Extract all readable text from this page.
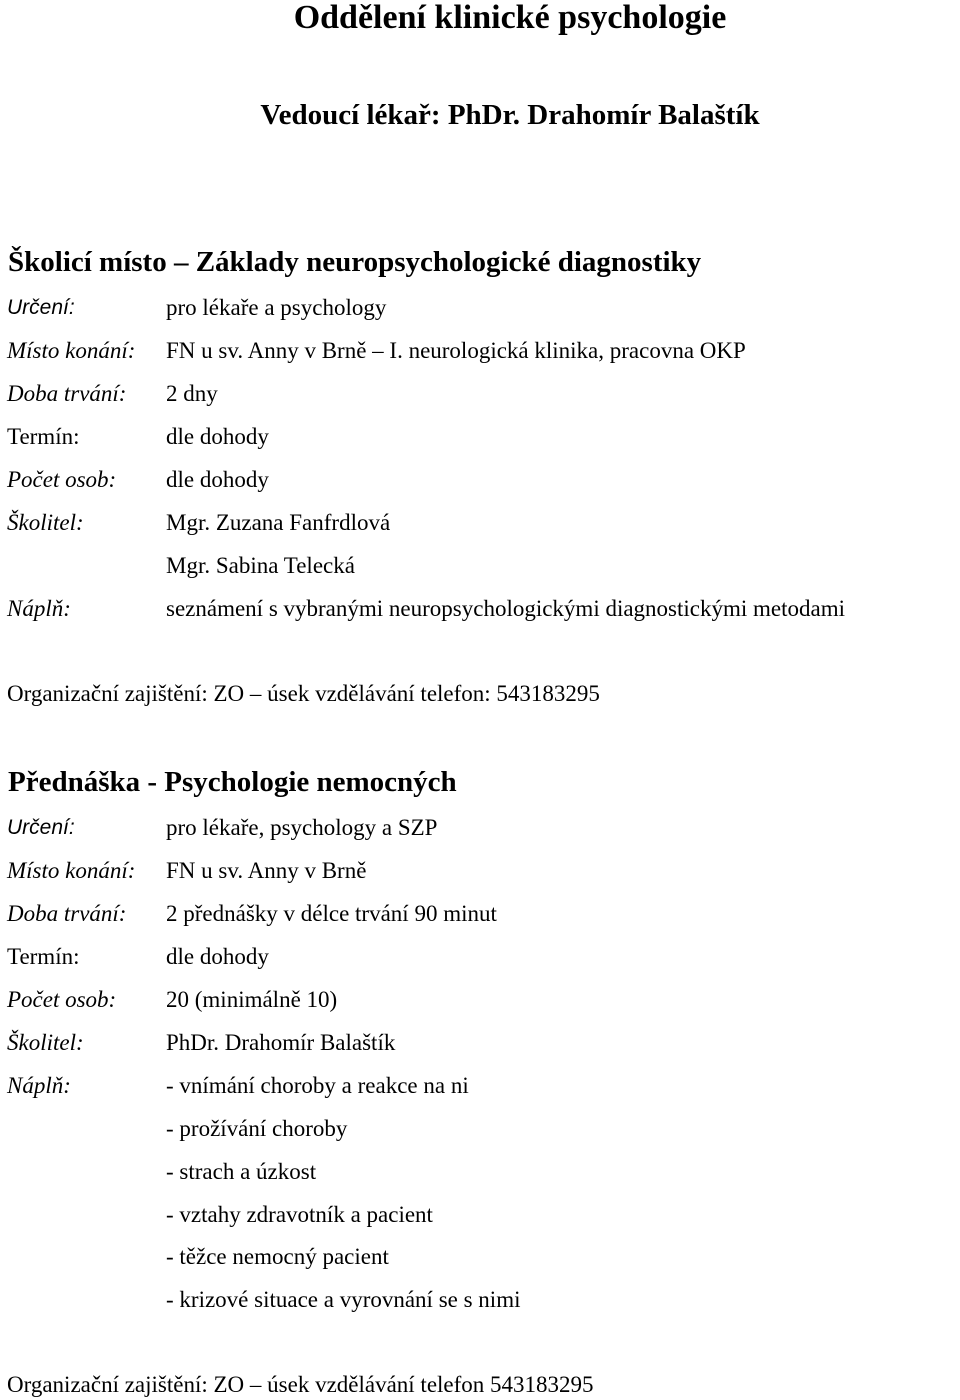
Oddělení klinické psychologie
Vedoucí lékař: PhDr. Drahomír Balaštík
Školicí místo – Základy neuropsychologické diagnostiky
Určení:	pro lékaře a psychology
Místo konání: FN u sv. Anny v Brně – I. neurologická klinika, pracovna OKP
Doba trvání: 2 dny
Termín:	dle dohody
Počet osob: dle dohody
Školitel:	Mgr. Zuzana Fanfrdlová
Mgr. Sabina Telecká
Náplň:	seznámení s vybranými neuropsychologickými diagnostickými metodami
Organizační zajištění: ZO – úsek vzdělávání telefon: 543183295
Přednáška - Psychologie nemocných
Určení:	pro lékaře, psychology a SZP
Místo konání: FN u sv. Anny v Brně
Doba trvání: 2 přednášky v délce trvání 90 minut
Termín:	dle dohody
Počet osob: 20 (minimálně 10)
Školitel:	PhDr. Drahomír Balaštík
Náplň:	- vnímání choroby a reakce na ni
- prožívání choroby
- strach a úzkost
- vztahy zdravotník a pacient
- těžce nemocný pacient
- krizové situace a vyrovnání se s nimi
Organizační zajištění: ZO – úsek vzdělávání telefon 543183295
